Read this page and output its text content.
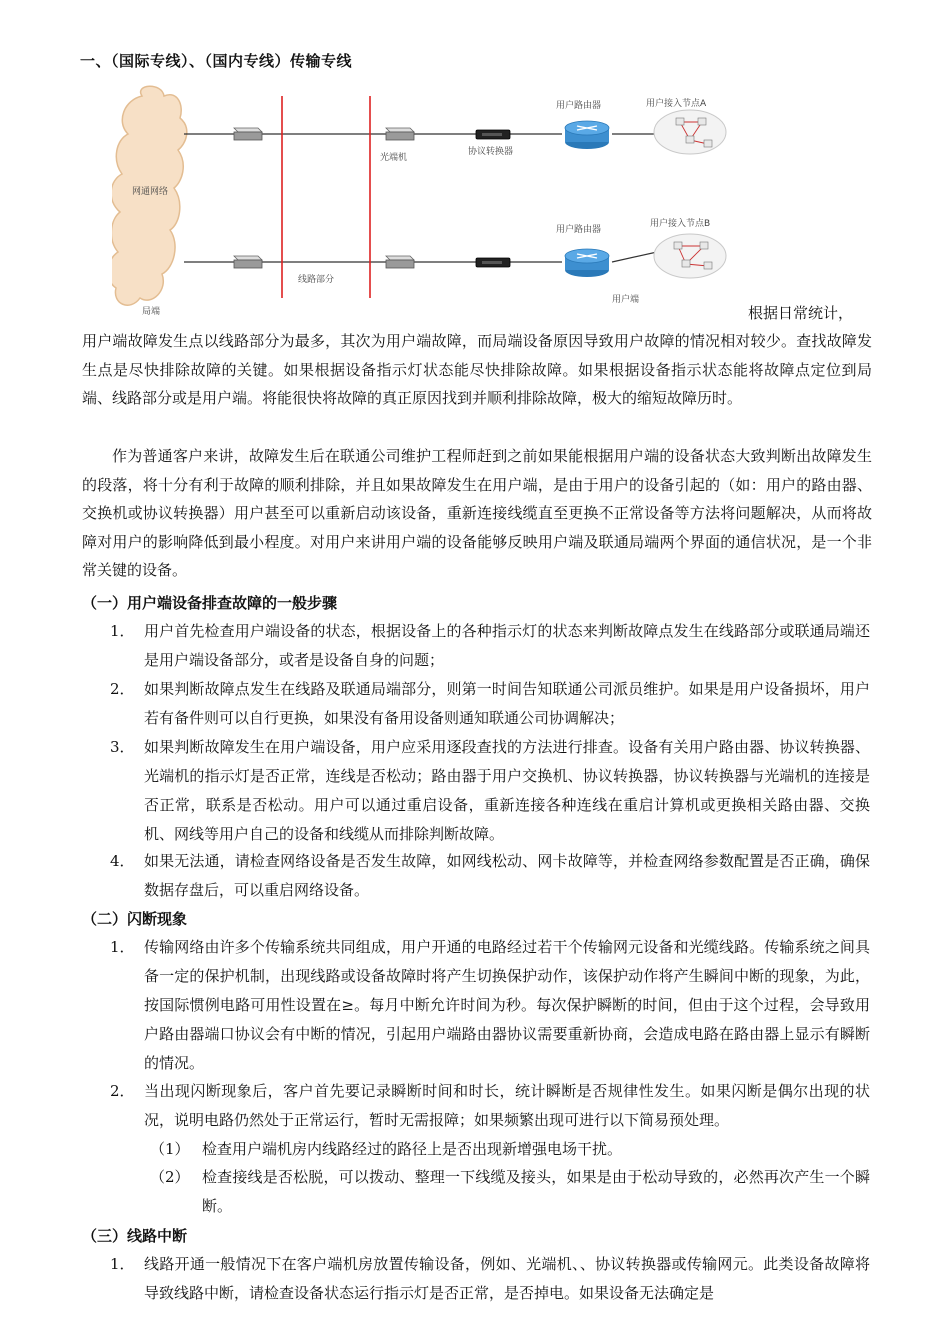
一、（国际专线）、（国内专线）传输专线
网通网络
局端
光端机
协议转换器
用户路由器
用户路由器
用户接入节点A
用户接入节点B
线路部分
用户端
根据日常统计，

用户端故障发生点以线路部分为最多，其次为用户端故障，而局端设备原因导致用户故障的情况相对较少。查找故障发生点是尽快排除故障的关键。如果根据设备指示灯状态能尽快排除故障。如果根据设备指示状态能将故障点定位到局端、线路部分或是用户端。将能很快将故障的真正原因找到并顺利排除故障，极大的缩短故障历时。

作为普通客户来讲，故障发生后在联通公司维护工程师赶到之前如果能根据用户端的设备状态大致判断出故障发生的段落，将十分有利于故障的顺利排除，并且如果故障发生在用户端，是由于用户的设备引起的（如：用户的路由器、交换机或协议转换器）用户甚至可以重新启动该设备，重新连接线缆直至更换不正常设备等方法将问题解决，从而将故障对用户的影响降低到最小程度。对用户来讲用户端的设备能够反映用户端及联通局端两个界面的通信状况，是一个非常关键的设备。

（一）用户端设备排查故障的一般步骤
1． 用户首先检查用户端设备的状态，根据设备上的各种指示灯的状态来判断故障点发生在线路部分或联通局端还是用户端设备部分，或者是设备自身的问题；
2． 如果判断故障点发生在线路及联通局端部分，则第一时间告知联通公司派员维护。如果是用户设备损坏，用户若有备件则可以自行更换，如果没有备用设备则通知联通公司协调解决；
3． 如果判断故障发生在用户端设备，用户应采用逐段查找的方法进行排查。设备有关用户路由器、协议转换器、光端机的指示灯是否正常，连线是否松动；路由器于用户交换机、协议转换器，协议转换器与光端机的连接是否正常，联系是否松动。用户可以通过重启设备，重新连接各种连线在重启计算机或更换相关路由器、交换机、网线等用户自己的设备和线缆从而排除判断故障。
4． 如果无法通，请检查网络设备是否发生故障，如网线松动、网卡故障等，并检查网络参数配置是否正确，确保数据存盘后，可以重启网络设备。
（二）闪断现象
1． 传输网络由许多个传输系统共同组成，用户开通的电路经过若干个传输网元设备和光缆线路。传输系统之间具备一定的保护机制，出现线路或设备故障时将产生切换保护动作，该保护动作将产生瞬间中断的现象，为此，按国际惯例电路可用性设置在≥。每月中断允许时间为秒。每次保护瞬断的时间，但由于这个过程，会导致用户路由器端口协议会有中断的情况，引起用户端路由器协议需要重新协商，会造成电路在路由器上显示有瞬断的情况。
2． 当出现闪断现象后，客户首先要记录瞬断时间和时长，统计瞬断是否规律性发生。如果闪断是偶尔出现的状况，说明电路仍然处于正常运行，暂时无需报障；如果频繁出现可进行以下简易预处理。
（1） 检查用户端机房内线路经过的路径上是否出现新增强电场干扰。
（2） 检查接线是否松脱，可以拨动、整理一下线缆及接头，如果是由于松动导致的，必然再次产生一个瞬断。
（三）线路中断
1． 线路开通一般情况下在客户端机房放置传输设备，例如、光端机、、协议转换器或传输网元。此类设备故障将导致线路中断，请检查设备状态运行指示灯是否正常，是否掉电。如果设备无法确定是
